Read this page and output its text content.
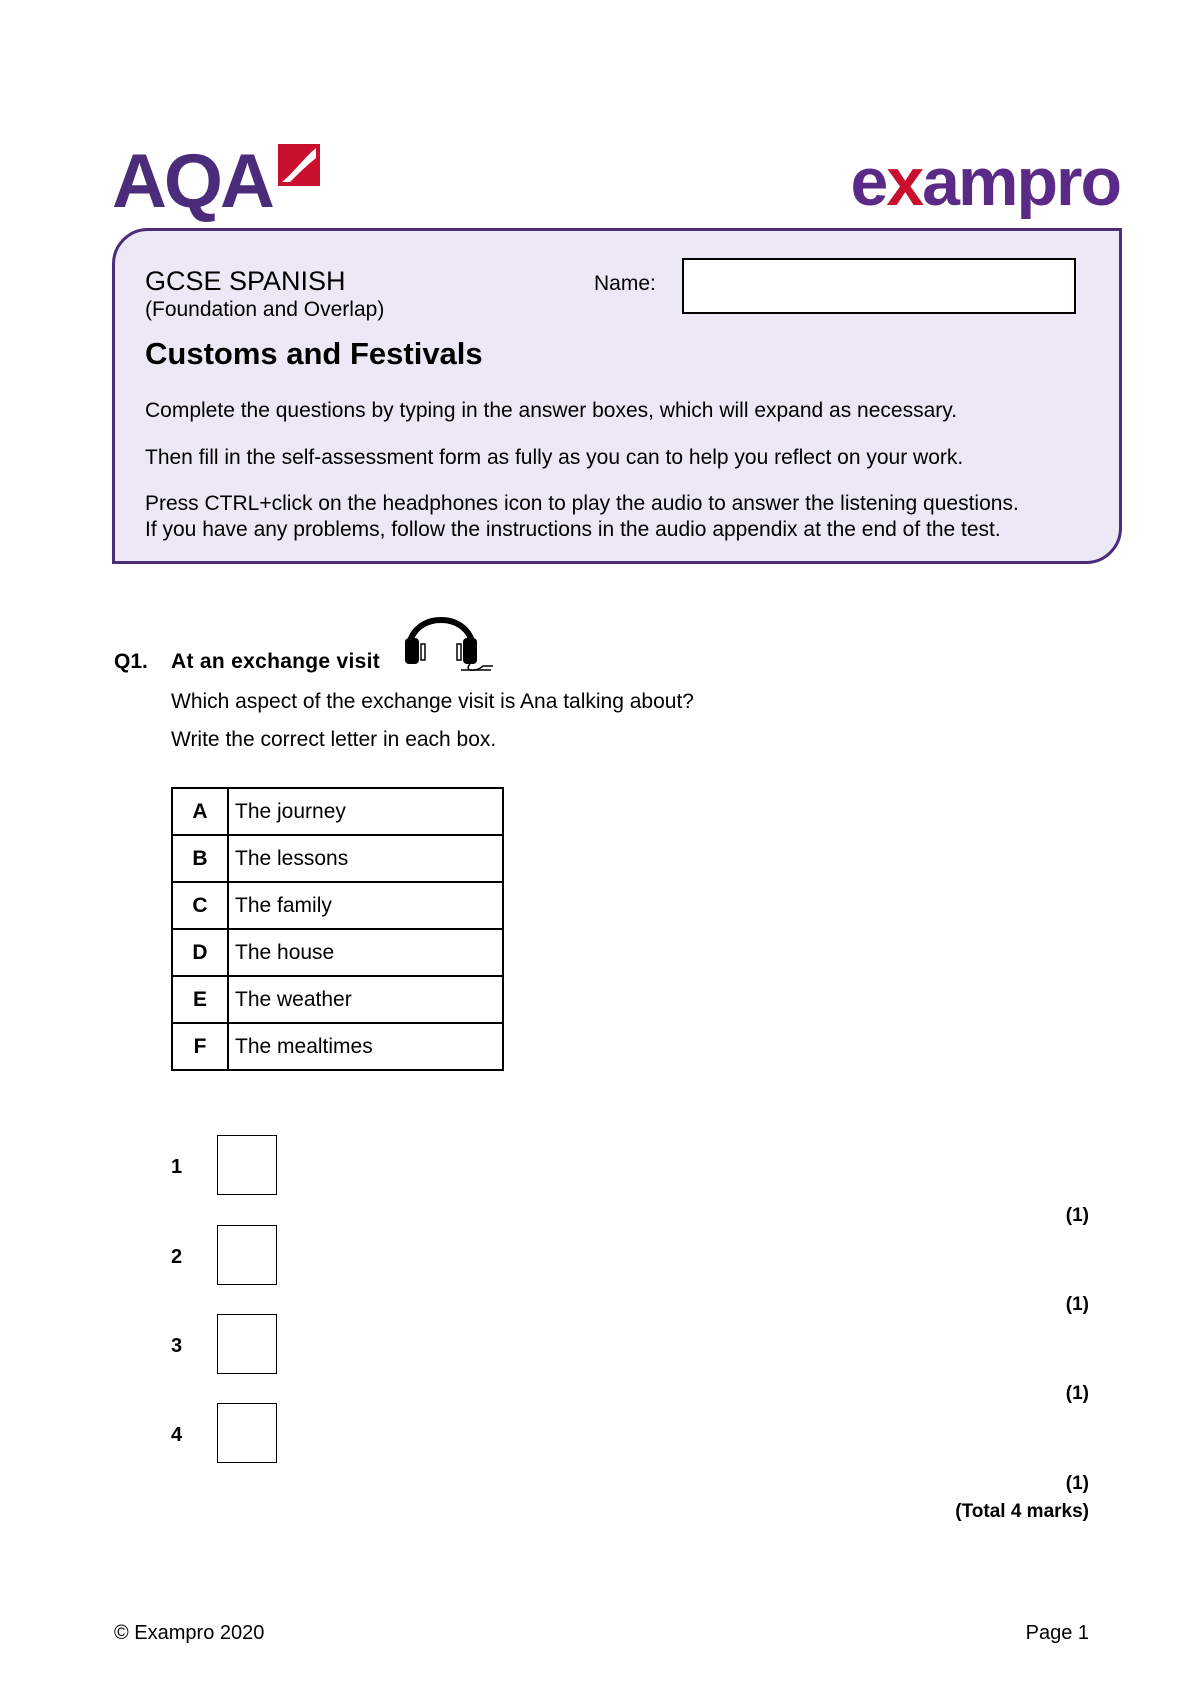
AQA	exampro
GCSE SPANISH
(Foundation and Overlap)
Name:
Customs and Festivals
Complete the questions by typing in the answer boxes, which will expand as necessary.
Then fill in the self-assessment form as fully as you can to help you reflect on your work.
Press CTRL+click on the headphones icon to play the audio to answer the listening questions.
If you have any problems, follow the instructions in the audio appendix at the end of the test.
Q1. At an exchange visit
Which aspect of the exchange visit is Ana talking about?
Write the correct letter in each box.
A	The journey
B	The lessons
C	The family
D	The house
E	The weather
F	The mealtimes
1
(1)
2
(1)
3
(1)
4
(1)
(Total 4 marks)
© Exampro 2020	Page 1
